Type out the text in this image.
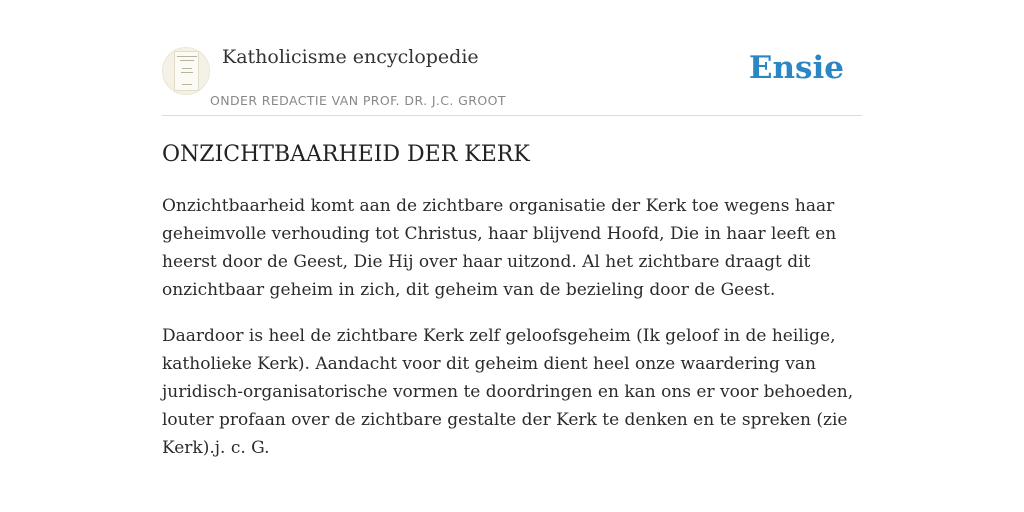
Katholicisme encyclopedie
ONDER REDACTIE VAN PROF. DR. J.C. GROOT
Ensie
ONZICHTBAARHEID DER KERK

Onzichtbaarheid komt aan de zichtbare organisatie der Kerk toe wegens haar geheimvolle verhouding tot Christus, haar blijvend Hoofd, Die in haar leeft en heerst door de Geest, Die Hij over haar uitzond. Al het zichtbare draagt dit onzichtbaar geheim in zich, dit geheim van de bezieling door de Geest.

Daardoor is heel de zichtbare Kerk zelf geloofsgeheim (Ik geloof in de heilige, katholieke Kerk). Aandacht voor dit geheim dient heel onze waardering van juridisch-organisatorische vormen te doordringen en kan ons er voor behoeden, louter profaan over de zichtbare gestalte der Kerk te denken en te spreken (zie Kerk).j. c. G.
